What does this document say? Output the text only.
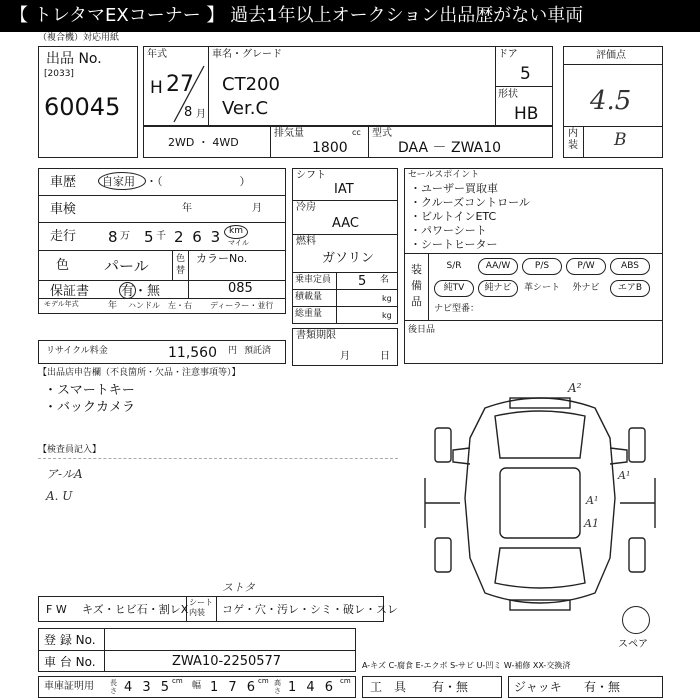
【 トレタマEXコーナー 】 過去1年以上オークション出品歴がない車両
（複合機）対応用紙
出品 No.
[2033]
60045
年式
H 27
8 月
車名・グレード
CT200
Ver.C
ドア
5
形状
HB
2WD ・ 4WD
排気量	cc
1800
型式
DAA － ZWA10
評価点
4.5
内装 B
車歴 自家用 ・（　　　　　　　）
車検	年	月
走行 8 万 5 千 2 6 3 km
マイル
色 パール	色替
カラーNo.
085
保証書 有・無
モデル年式	年 ハンドル　左・右 ディーラー・並行
リサイクル料金	11,560 円 預託済
シフト
IAT
冷房
AAC
燃料
ガソリン
乗車定員 5 名
積載量	kg
総重量	kg
書類期限
月	日
セールスポイント
・ユーザー買取車
・クルーズコントロール
・ビルトインETC
・パワーシート
・シートヒーター
装備品
S/R	AA/W	P/S	P/W	ABS
純TV	純ナビ	革シート	外ナビ	エアB
ナビ型番：
後日品
【出品店申告欄（不良箇所・欠品・注意事項等）】
・スマートキー
・バックカメラ
【検査員記入】
ア-ルA
A. U
A²
A¹
A1
A¹
スペア
F W キズ・ヒビ石・割レX
シート内装	コゲ・穴・汚レ・シミ・破レ・スレ
ストタ
登 録 No.
車 台 No.	ZWA10-2250577
車庫証明用 長さ 4 3 5 cm 幅 1 7 6 cm 高さ 1 4 6 cm
A-キズ C-腐食 E-エクボ S-サビ U-凹ミ W-補修 XX-交換済
工　具 有・無	ジャッキ 有・無
